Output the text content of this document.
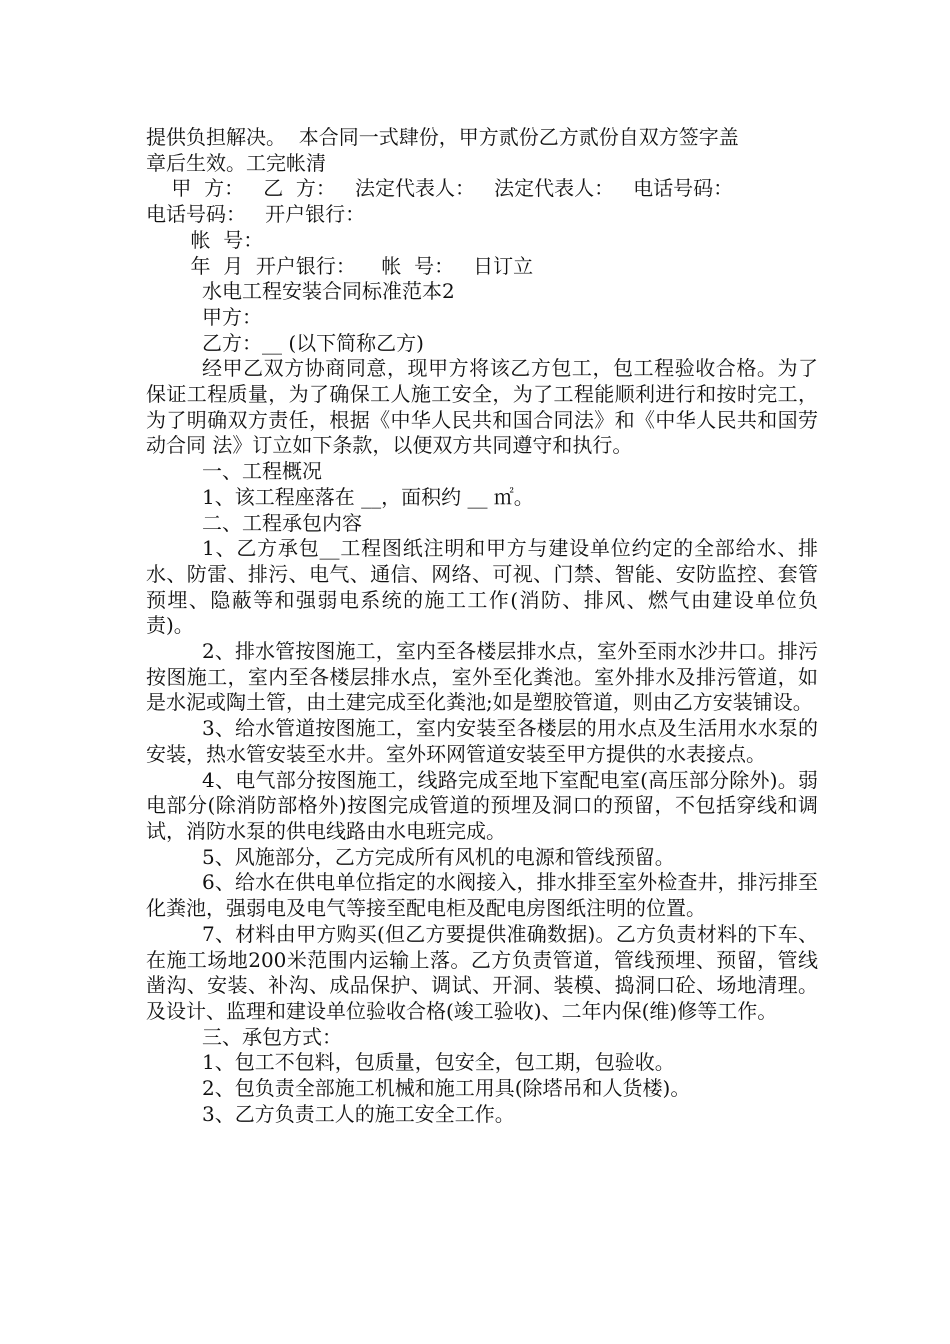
提供负担解决。  本合同一式肆份，甲方贰份乙方贰份自双方签字盖
章后生效。工完帐清
甲  方：   乙  方：   法定代表人：   法定代表人：   电话号码：
电话号码：   开户银行：
帐  号：
年  月  开户银行：    帐  号：   日订立

水电工程安装合同标准范本2

甲方：

乙方：__ (以下简称乙方)

经甲乙双方协商同意，现甲方将该乙方包工，包工程验收合格。为了保证工程质量，为了确保工人施工安全，为了工程能顺利进行和按时完工，为了明确双方责任，根据《中华人民共和国合同法》和《中华人民共和国劳动合同 法》订立如下条款，以便双方共同遵守和执行。

一、工程概况

1、该工程座落在 __，面积约 __ ㎡。

二、工程承包内容

1、乙方承包__工程图纸注明和甲方与建设单位约定的全部给水、排水、防雷、排污、电气、通信、网络、可视、门禁、智能、安防监控、套管预埋、隐蔽等和强弱电系统的施工工作(消防、排风、燃气由建设单位负责)。

2、排水管按图施工，室内至各楼层排水点，室外至雨水沙井口。排污按图施工，室内至各楼层排水点，室外至化粪池。室外排水及排污管道，如是水泥或陶土管，由土建完成至化粪池;如是塑胶管道，则由乙方安装铺设。

3、给水管道按图施工，室内安装至各楼层的用水点及生活用水水泵的安装，热水管安装至水井。室外环网管道安装至甲方提供的水表接点。

4、电气部分按图施工，线路完成至地下室配电室(高压部分除外)。弱电部分(除消防部格外)按图完成管道的预埋及洞口的预留，不包括穿线和调试，消防水泵的供电线路由水电班完成。

5、风施部分，乙方完成所有风机的电源和管线预留。

6、给水在供电单位指定的水阀接入，排水排至室外检查井，排污排至化粪池，强弱电及电气等接至配电柜及配电房图纸注明的位置。

7、材料由甲方购买(但乙方要提供准确数据)。乙方负责材料的下车、在施工场地200米范围内运输上落。乙方负责管道，管线预埋、预留，管线凿沟、安装、补沟、成品保护、调试、开洞、装模、捣洞口砼、场地清理。及设计、监理和建设单位验收合格(竣工验收)、二年内保(维)修等工作。

三、承包方式：

1、包工不包料，包质量，包安全，包工期，包验收。

2、包负责全部施工机械和施工用具(除塔吊和人货楼)。

3、乙方负责工人的施工安全工作。
